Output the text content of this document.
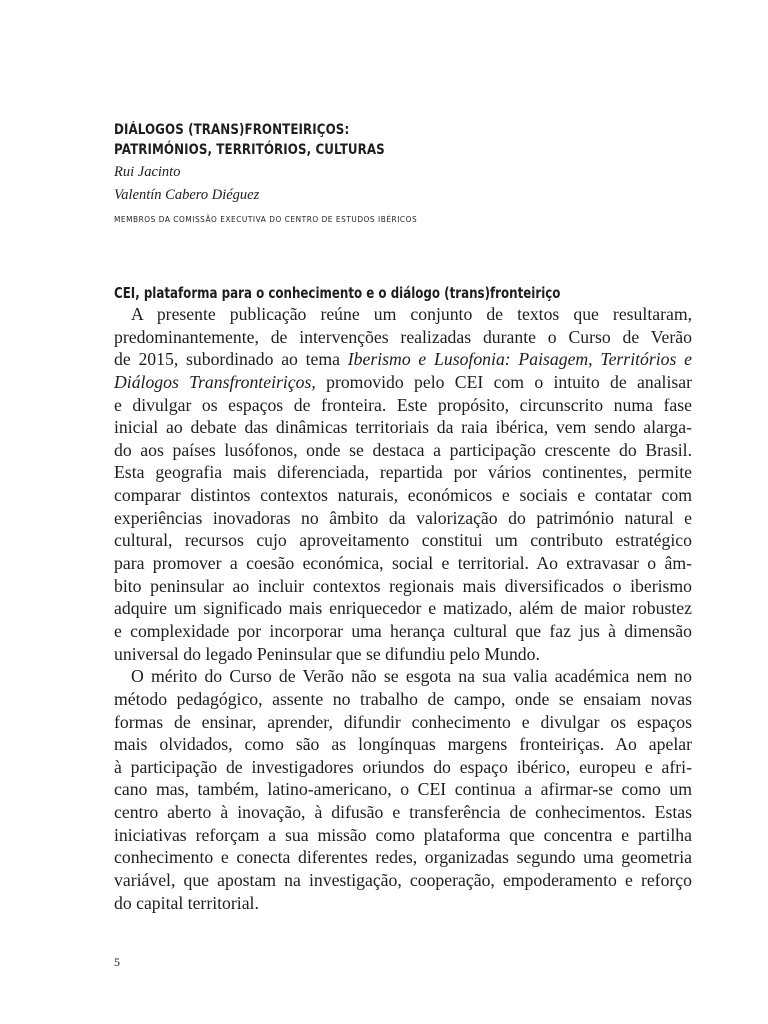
DIÁLOGOS (TRANS)FRONTEIRIÇOS:
PATRIMÓNIOS, TERRITÓRIOS, CULTURAS
Rui Jacinto
Valentín Cabero Diéguez
MEMBROS DA COMISSÃO EXECUTIVA DO CENTRO DE ESTUDOS IBÉRICOS
CEI, plataforma para o conhecimento e o diálogo (trans)fronteiriço
A presente publicação reúne um conjunto de textos que resultaram,
predominantemente, de intervenções realizadas durante o Curso de Verão
de 2015, subordinado ao tema Iberismo e Lusofonia: Paisagem, Territórios e
Diálogos Transfronteiriços, promovido pelo CEI com o intuito de analisar
e divulgar os espaços de fronteira. Este propósito, circunscrito numa fase
inicial ao debate das dinâmicas territoriais da raia ibérica, vem sendo alarga-
do aos países lusófonos, onde se destaca a participação crescente do Brasil.
Esta geografia mais diferenciada, repartida por vários continentes, permite
comparar distintos contextos naturais, económicos e sociais e contatar com
experiências inovadoras no âmbito da valorização do património natural e
cultural, recursos cujo aproveitamento constitui um contributo estratégico
para promover a coesão económica, social e territorial. Ao extravasar o âm-
bito peninsular ao incluir contextos regionais mais diversificados o iberismo
adquire um significado mais enriquecedor e matizado, além de maior robustez
e complexidade por incorporar uma herança cultural que faz jus à dimensão
universal do legado Peninsular que se difundiu pelo Mundo.
O mérito do Curso de Verão não se esgota na sua valia académica nem no
método pedagógico, assente no trabalho de campo, onde se ensaiam novas
formas de ensinar, aprender, difundir conhecimento e divulgar os espaços
mais olvidados, como são as longínquas margens fronteiriças. Ao apelar
à participação de investigadores oriundos do espaço ibérico, europeu e afri-
cano mas, também, latino-americano, o CEI continua a afirmar-se como um
centro aberto à inovação, à difusão e transferência de conhecimentos. Estas
iniciativas reforçam a sua missão como plataforma que concentra e partilha
conhecimento e conecta diferentes redes, organizadas segundo uma geometria
variável, que apostam na investigação, cooperação, empoderamento e reforço
do capital territorial.
5
